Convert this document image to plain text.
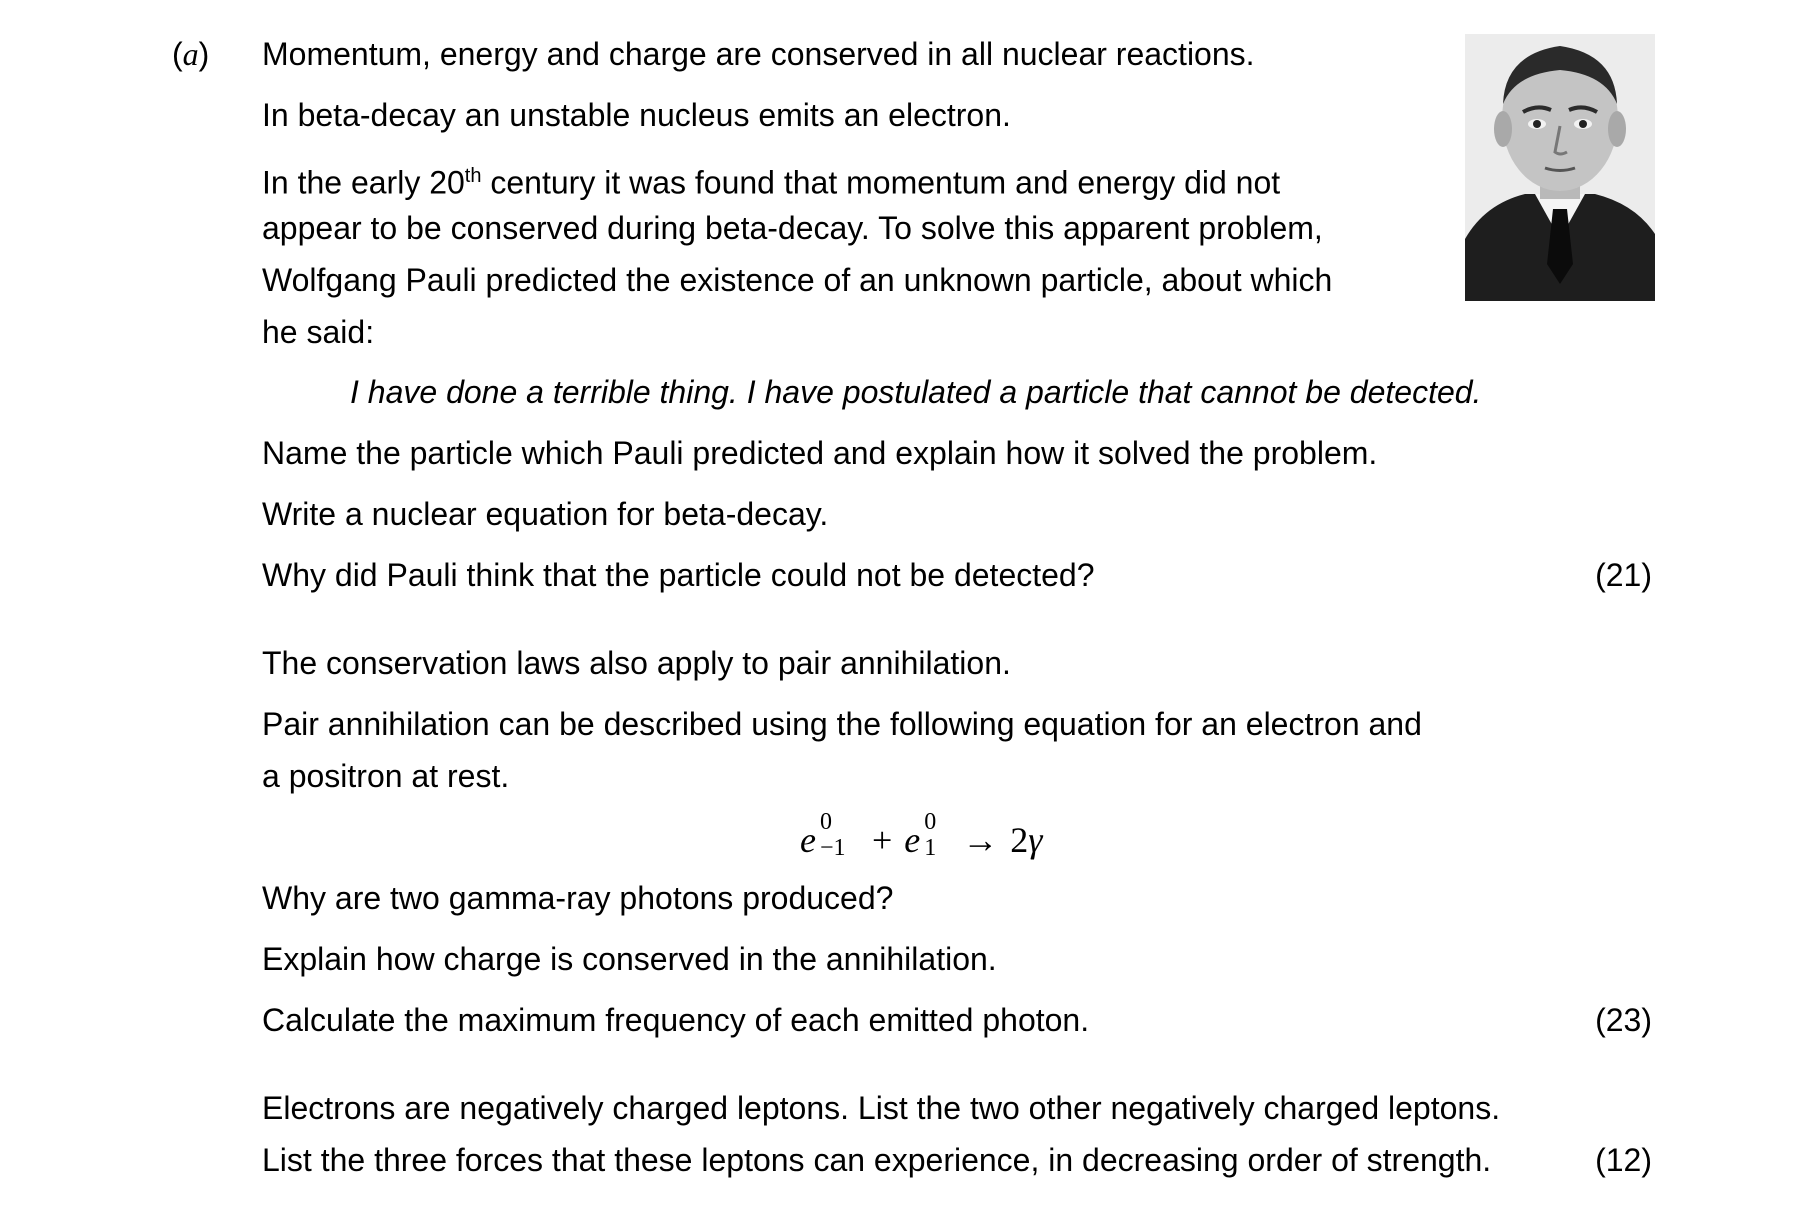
(a) Momentum, energy and charge are conserved in all nuclear reactions.
In beta-decay an unstable nucleus emits an electron.
In the early 20th century it was found that momentum and energy did not
appear to be conserved during beta-decay. To solve this apparent problem,
Wolfgang Pauli predicted the existence of an unknown particle, about which
he said:
I have done a terrible thing. I have postulated a particle that cannot be detected.
Name the particle which Pauli predicted and explain how it solved the problem.
Write a nuclear equation for beta-decay.
Why did Pauli think that the particle could not be detected?	(21)
The conservation laws also apply to pair annihilation.
Pair annihilation can be described using the following equation for an electron and
a positron at rest.
e 0
−1 + e 0
1 → 2γ
Why are two gamma-ray photons produced?
Explain how charge is conserved in the annihilation.
Calculate the maximum frequency of each emitted photon.	(23)
Electrons are negatively charged leptons. List the two other negatively charged leptons.
List the three forces that these leptons can experience, in decreasing order of strength.	(12)
